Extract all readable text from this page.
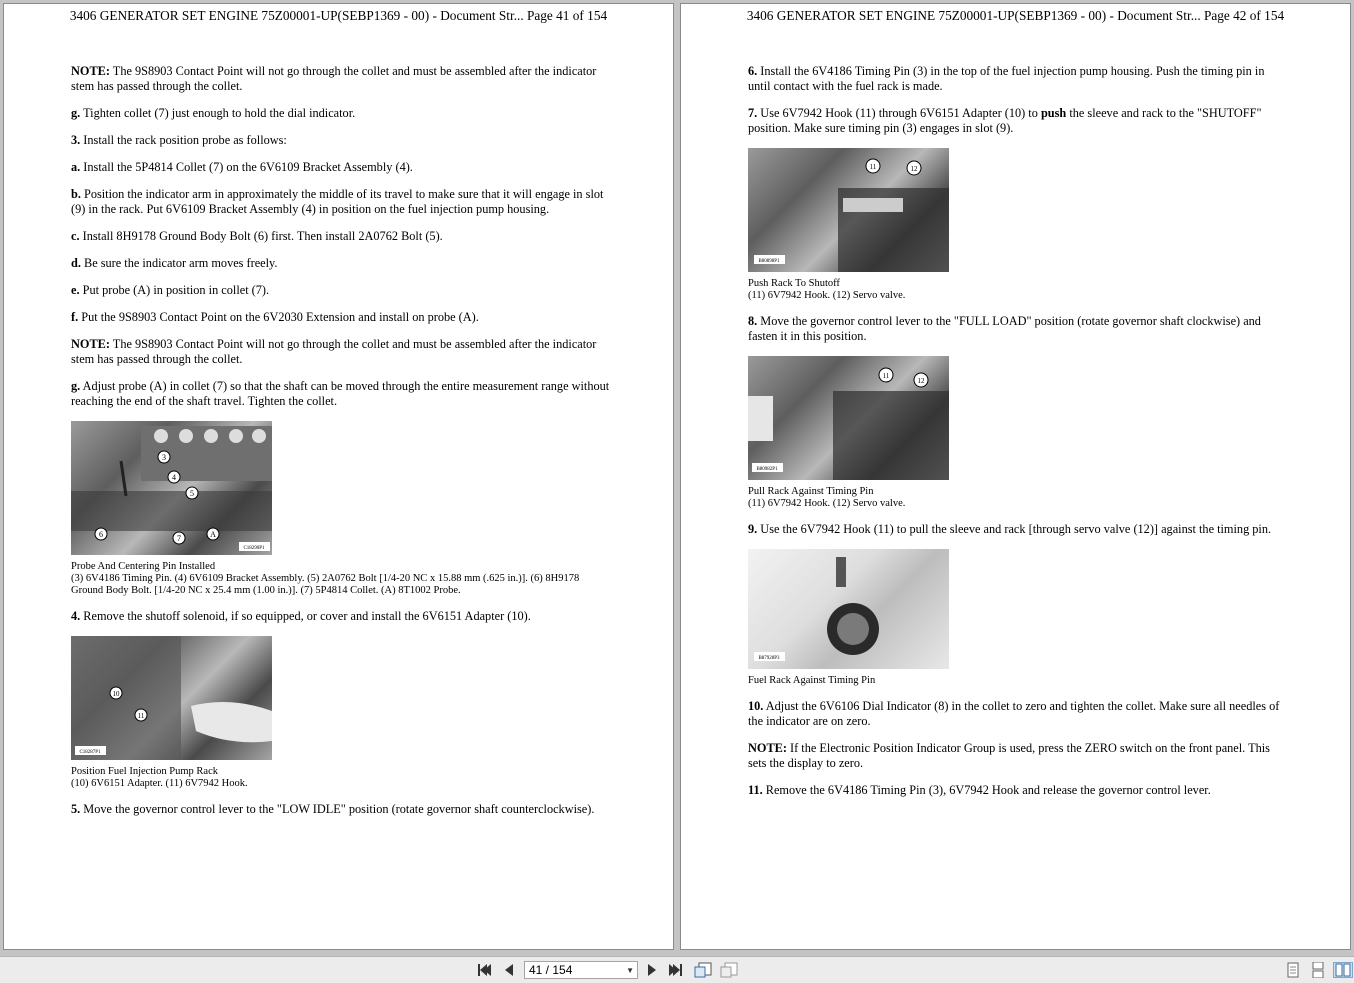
3406 GENERATOR SET ENGINE 75Z00001-UP(SEBP1369 - 00) - Document Str... Page 41 of 154

NOTE: The 9S8903 Contact Point will not go through the collet and must be assembled after the indicator stem has passed through the collet.

g. Tighten collet (7) just enough to hold the dial indicator.

3. Install the rack position probe as follows:

a. Install the 5P4814 Collet (7) on the 6V6109 Bracket Assembly (4).

b. Position the indicator arm in approximately the middle of its travel to make sure that it will engage in slot (9) in the rack. Put 6V6109 Bracket Assembly (4) in position on the fuel injection pump housing.

c. Install 8H9178 Ground Body Bolt (6) first. Then install 2A0762 Bolt (5).

d. Be sure the indicator arm moves freely.

e. Put probe (A) in position in collet (7).

f. Put the 9S8903 Contact Point on the 6V2030 Extension and install on probe (A).

NOTE: The 9S8903 Contact Point will not go through the collet and must be assembled after the indicator stem has passed through the collet.

g. Adjust probe (A) in collet (7) so that the shaft can be moved through the entire measurement range without reaching the end of the shaft travel. Tighten the collet.

3
4
5
6	7	A
C18290P1
Probe And Centering Pin Installed
(3) 6V4186 Timing Pin. (4) 6V6109 Bracket Assembly. (5) 2A0762 Bolt [1/4-20 NC x 15.88 mm (.625 in.)]. (6) 8H9178 Ground Body Bolt. [1/4-20 NC x 25.4 mm (1.00 in.)]. (7) 5P4814 Collet. (A) 8T1002 Probe.

4. Remove the shutoff solenoid, if so equipped, or cover and install the 6V6151 Adapter (10).

10
11
C18287P1
Position Fuel Injection Pump Rack
(10) 6V6151 Adapter. (11) 6V7942 Hook.

5. Move the governor control lever to the "LOW IDLE" position (rotate governor shaft counterclockwise).

3406 GENERATOR SET ENGINE 75Z00001-UP(SEBP1369 - 00) - Document Str... Page 42 of 154

6. Install the 6V4186 Timing Pin (3) in the top of the fuel injection pump housing. Push the timing pin in until contact with the fuel rack is made.

7. Use 6V7942 Hook (11) through 6V6151 Adapter (10) to push the sleeve and rack to the "SHUTOFF" position. Make sure timing pin (3) engages in slot (9).

11	12
B80898P1
Push Rack To Shutoff
(11) 6V7942 Hook. (12) Servo valve.

8. Move the governor control lever to the "FULL LOAD" position (rotate governor shaft clockwise) and fasten it in this position.

11
12
B80982P1
Pull Rack Against Timing Pin
(11) 6V7942 Hook. (12) Servo valve.

9. Use the 6V7942 Hook (11) to pull the sleeve and rack [through servo valve (12)] against the timing pin.

B87928P3
Fuel Rack Against Timing Pin

10. Adjust the 6V6106 Dial Indicator (8) in the collet to zero and tighten the collet. Make sure all needles of the indicator are on zero.

NOTE: If the Electronic Position Indicator Group is used, press the ZERO switch on the front panel. This sets the display to zero.

11. Remove the 6V4186 Timing Pin (3), 6V7942 Hook and release the governor control lever.

41 / 154	▼
